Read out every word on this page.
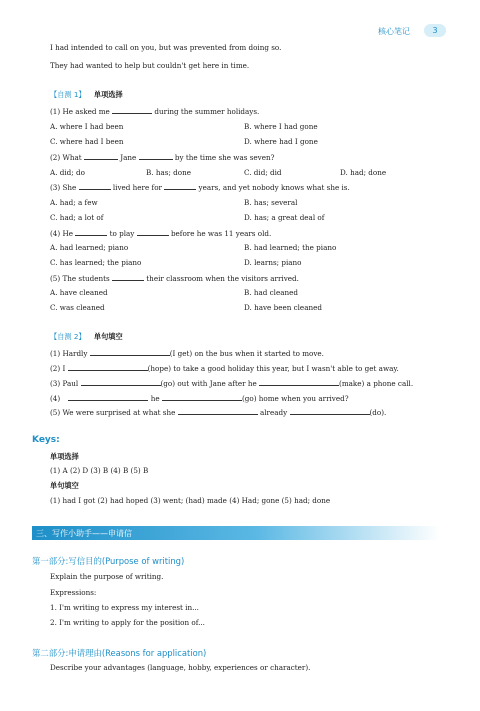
核心笔记	3
I had intended to call on you, but was prevented from doing so.
They had wanted to help but couldn't get here in time.
【自测 1】 单项选择
(1) He asked me	during the summer holidays.
A. where I had been	B. where I had gone
C. where had I been	D. where had I gone
(2) What	Jane	by the time she was seven?
A. did; do	B. has; done	C. did; did	D. had; done
(3) She	lived here for	years, and yet nobody knows what she is.
A. had; a few	B. has; several
C. had; a lot of	D. has; a great deal of
(4) He	to play	before he was 11 years old.
A. had learned; piano	B. had learned; the piano
C. has learned; the piano	D. learns; piano
(5) The students	their classroom when the visitors arrived.
A. have cleaned	B. had cleaned
C. was cleaned	D. have been cleaned
【自测 2】 单句填空
(1) Hardly	(I get) on the bus when it started to move.
(2) I	(hope) to take a good holiday this year, but I wasn't able to get away.
(3) Paul	(go) out with Jane after he	(make) a phone call.
(4)	he	(go) home when you arrived?
(5) We were surprised at what she	already	(do).
Keys:
单项选择
(1) A (2) D (3) B (4) B (5) B
单句填空
(1) had I got (2) had hoped (3) went; (had) made (4) Had; gone (5) had; done
三、写作小助手——申请信
第一部分:写信目的(Purpose of writing)
Explain the purpose of writing.
Expressions:
1. I'm writing to express my interest in...
2. I'm writing to apply for the position of...
第二部分:申请理由(Reasons for application)
Describe your advantages (language, hobby, experiences or character).
